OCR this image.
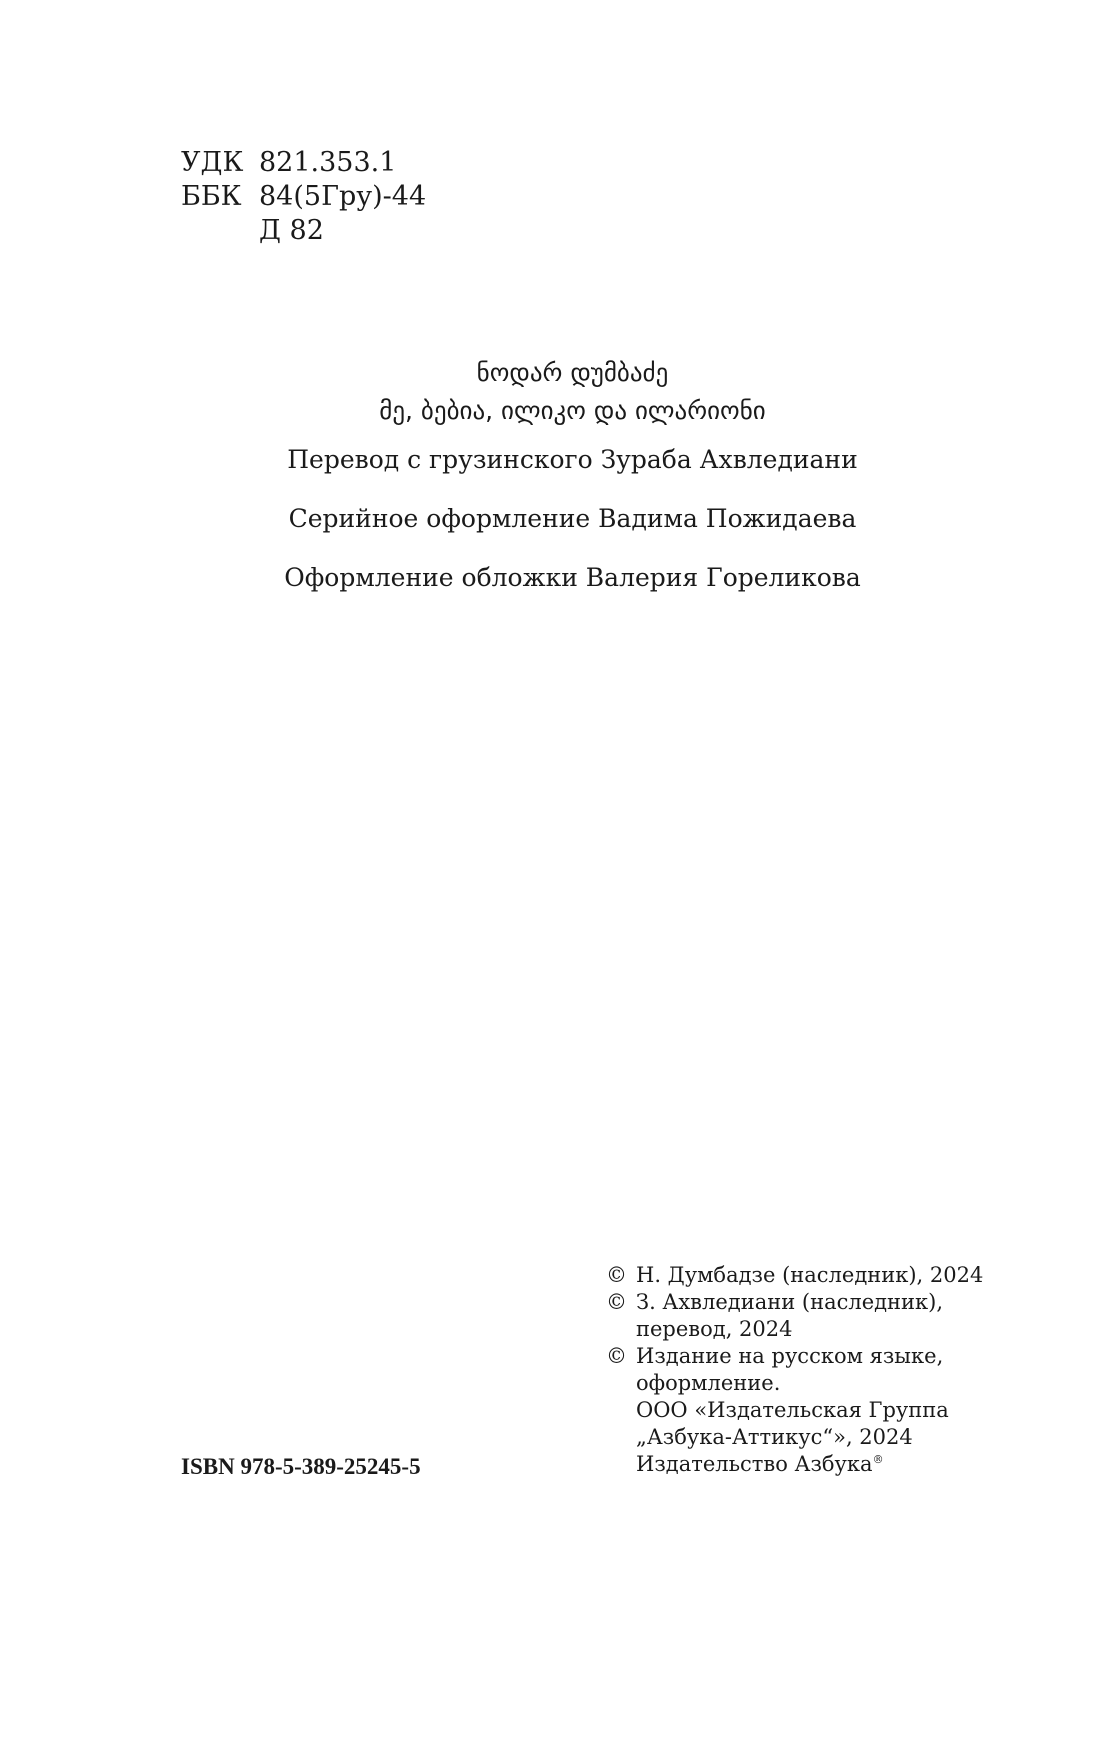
УДК 821.353.1
ББК 84(5Гру)-44
Д 82
ნოდარ დუმბაძე
მე, ბებია, ილიკო და ილარიონი
Перевод с грузинского Зураба Ахвледиани
Серийное оформление Вадима Пожидаева
Оформление обложки Валерия Гореликова
ISBN 978-5-389-25245-5
© Н. Думбадзе (наследник), 2024
© З. Ахвледиани (наследник),
перевод, 2024
© Издание на русском языке,
оформление.
ООО «Издательская Группа
„Азбука-Аттикус“», 2024
Издательство Азбука®
